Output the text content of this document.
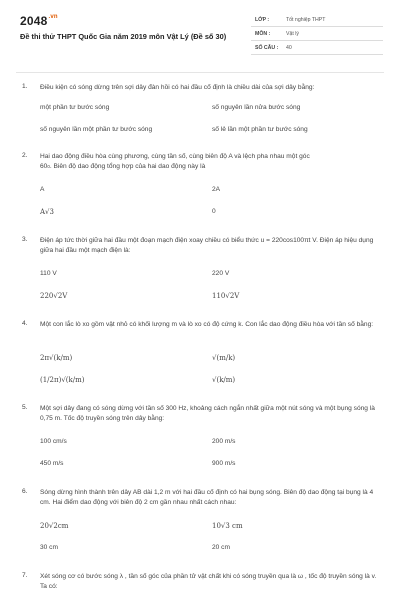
$2048^{.vn}$
Đề thi thử THPT Quốc Gia năm 2019 môn Vật Lý (Đề số 30)
LỚP :	Tốt nghiệp THPT
MÔN :	Vật lý
SỐ CÂU : 40
1. Điều kiện có sóng dừng trên sợi dây đàn hồi có hai đầu cố định là chiều dài của sợi dây bằng:
một phần tư bước sóng	số nguyên lần nửa bước sóng
số nguyên lần một phần tư bước sóng	số lẻ lần một phần tư bước sóng
2. Hai dao động điều hòa cùng phương, cùng tần số, cùng biên độ A và lệch pha nhau một góc
$60^0$. Biên độ dao động tổng hợp của hai dao động này là
A	2A
A√3	0
3. Điện áp tức thời giữa hai đầu một đoạn mạch điện xoay chiều có biểu thức u = 220cos100πt V. Điện áp hiệu dụng giữa hai đầu một mạch điện là:
110 V	220 V
220√2V	110√2V
4. Một con lắc lò xo gồm vật nhỏ có khối lượng m và lò xo có độ cứng k. Con lắc dao động điều hòa với tần số bằng:
2π√(k/m)	√(m/k)
(1/2π)√(k/m)	√(k/m)
5. Một sợi dây đang có sóng dừng với tần số 300 Hz, khoảng cách ngắn nhất giữa một nút sóng và một bụng sóng là 0,75 m. Tốc độ truyền sóng trên dây bằng:
100 cm/s	200 m/s
450 m/s	900 m/s
6. Sóng dừng hình thành trên dây AB dài 1,2 m với hai đầu cố định có hai bụng sóng. Biên độ dao động tại bụng là 4 cm. Hai điểm dao động với biên độ 2 cm gần nhau nhất cách nhau:
20√2cm	10√3 cm
30 cm	20 cm
7. Xét sóng cơ có bước sóng λ , tần số góc của phần tử vật chất khi có sóng truyền qua là ω , tốc độ truyền sóng là v. Ta có:
